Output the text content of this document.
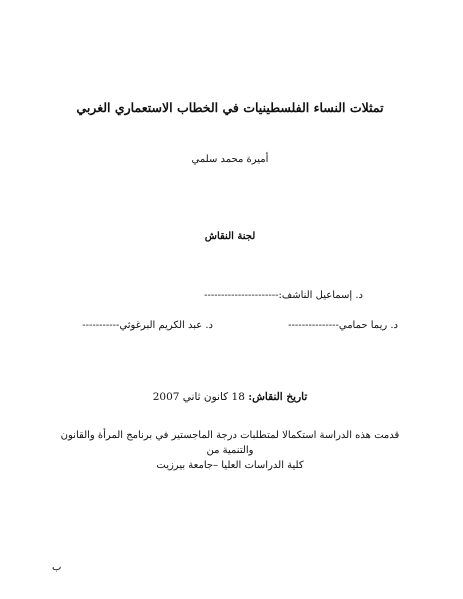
تمثلات النساء الفلسطينيات في الخطاب الاستعماري الغربي
أميرة محمد سلمي
لجنة النقاش
د. إسماعيل الناشف:----------------------
د. ريما حمامي---------------
د. عبد الكريم البرغوثي-----------
تاريخ النقاش: 18 كانون ثاني 2007
قدمت هذه الدراسة استكمالا لمتطلبات درجة الماجستير في برنامج المرأة والقانون والتنمية من
كلية الدراسات العليا –جامعة بيرزيت
ب
